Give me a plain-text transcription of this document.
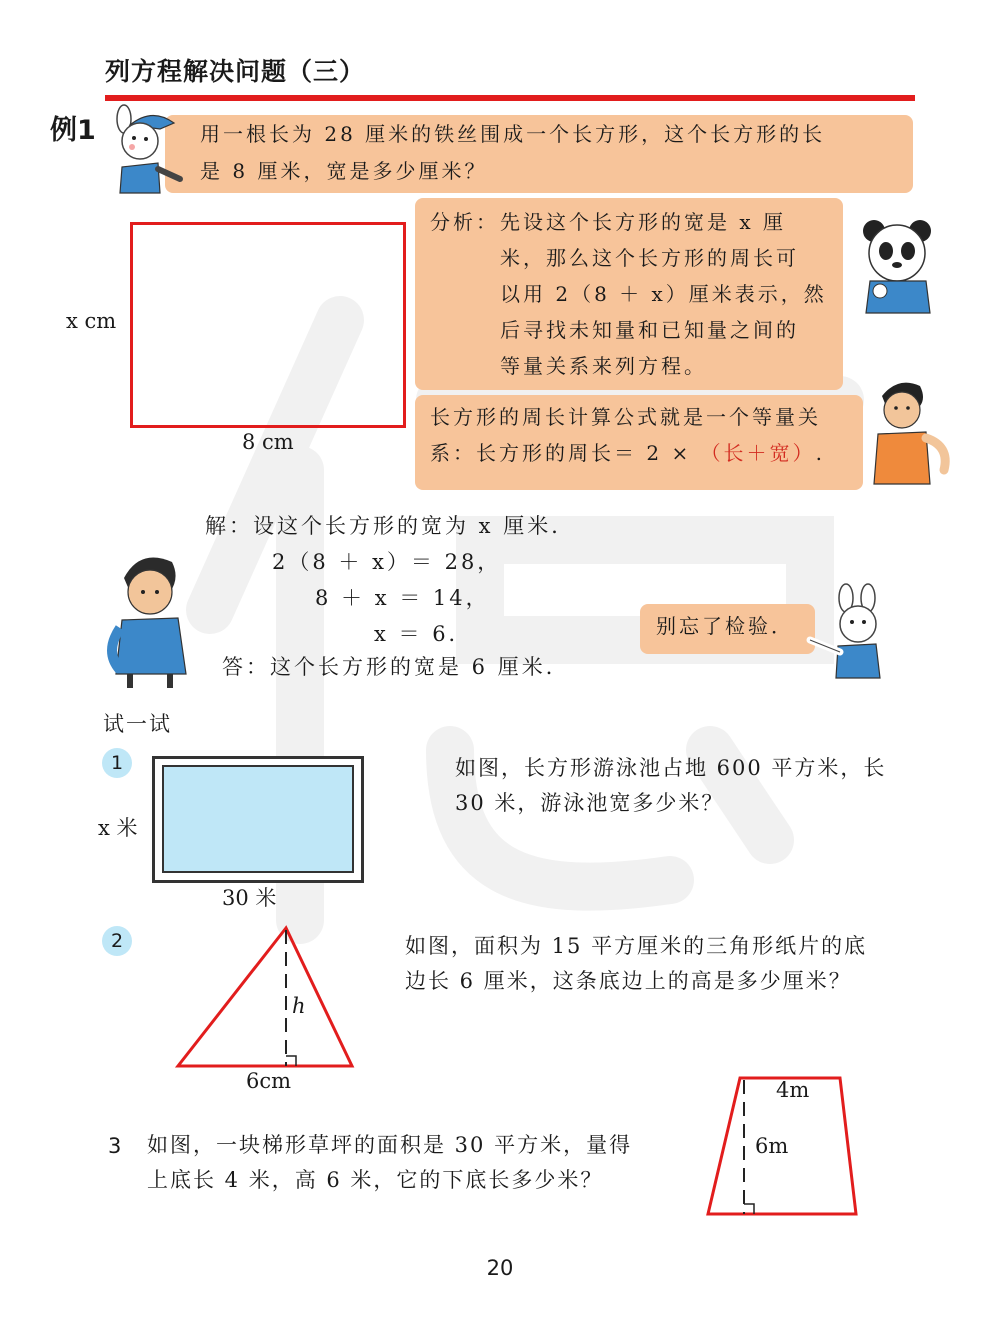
列方程解决问题（三）
例1	用一根长为 28 厘米的铁丝围成一个长方形，这个长方形的长

是 8 厘米，宽是多少厘米？

x cm
8 cm
分析： 先设这个长方形的宽是 x 厘
米，那么这个长方形的周长可
以用 2（8 ＋ x）厘米表示，然
后寻找未知量和已知量之间的
等量关系来列方程。
长方形的周长计算公式就是一个等量关
系：长方形的周长＝ 2 × （长＋宽）.
解：设这个长方形的宽为 x 厘米．
2（8 ＋ x）＝ 28，
8 ＋ x ＝ 14，
x ＝ 6．
答：这个长方形的宽是 6 厘米．
别忘了检验．
试一试
1
x 米
30 米
如图，长方形游泳池占地 600 平方米，长
30 米，游泳池宽多少米？
2
h
6cm
如图，面积为 15 平方厘米的三角形纸片的底
边长 6 厘米，这条底边上的高是多少厘米？
3 如图，一块梯形草坪的面积是 30 平方米，量得
上底长 4 米，高 6 米，它的下底长多少米？
4m
6m
20
